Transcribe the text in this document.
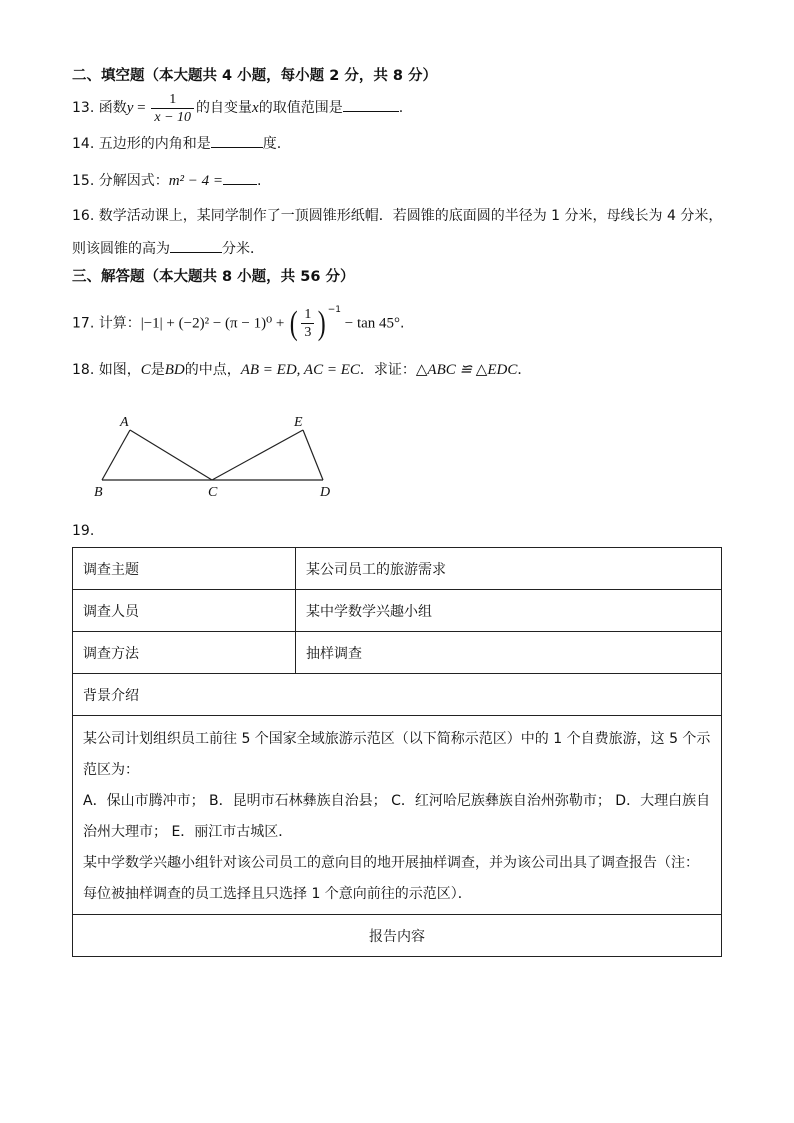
二、填空题（本大题共 4 小题，每小题 2 分，共 8 分）
13. 函数$y = \frac{1}{x - 10}$ 的自变量x的取值范围是	.
14. 五边形的内角和是	度.
15. 分解因式：m² − 4 = .
16. 数学活动课上，某同学制作了一顶圆锥形纸帽．若圆锥的底面圆的半径为 1 分米，母线长为 4 分米，
则该圆锥的高为	分米．
三、解答题（本大题共 8 小题，共 56 分）
17. 计算：|−1| + (−2)² − (π − 1)⁰ + ( $\frac{1}{3}$ ) $^{-1}$ − tan 45°.
18. 如图，C是BD的中点，AB = ED, AC = EC．求证：△ABC ≌ △EDC．
A
B	C	D
E
19.
调查主题	某公司员工的旅游需求
调查人员	某中学数学兴趣小组
调查方法	抽样调查
背景介绍	

某公司计划组织员工前往 5 个国家全域旅游示范区（以下简称示范区）中的 1 个自费旅游，这 5 个示范区为：
A．保山市腾冲市； B．昆明市石林彝族自治县； C．红河哈尼族彝族自治州弥勒市； D．大理白族自治州大理市； E．丽江市古城区．
某中学数学兴趣小组针对该公司员工的意向目的地开展抽样调查，并为该公司出具了调查报告（注：每位被抽样调查的员工选择且只选择 1 个意向前往的示范区）．	

报告内容	
